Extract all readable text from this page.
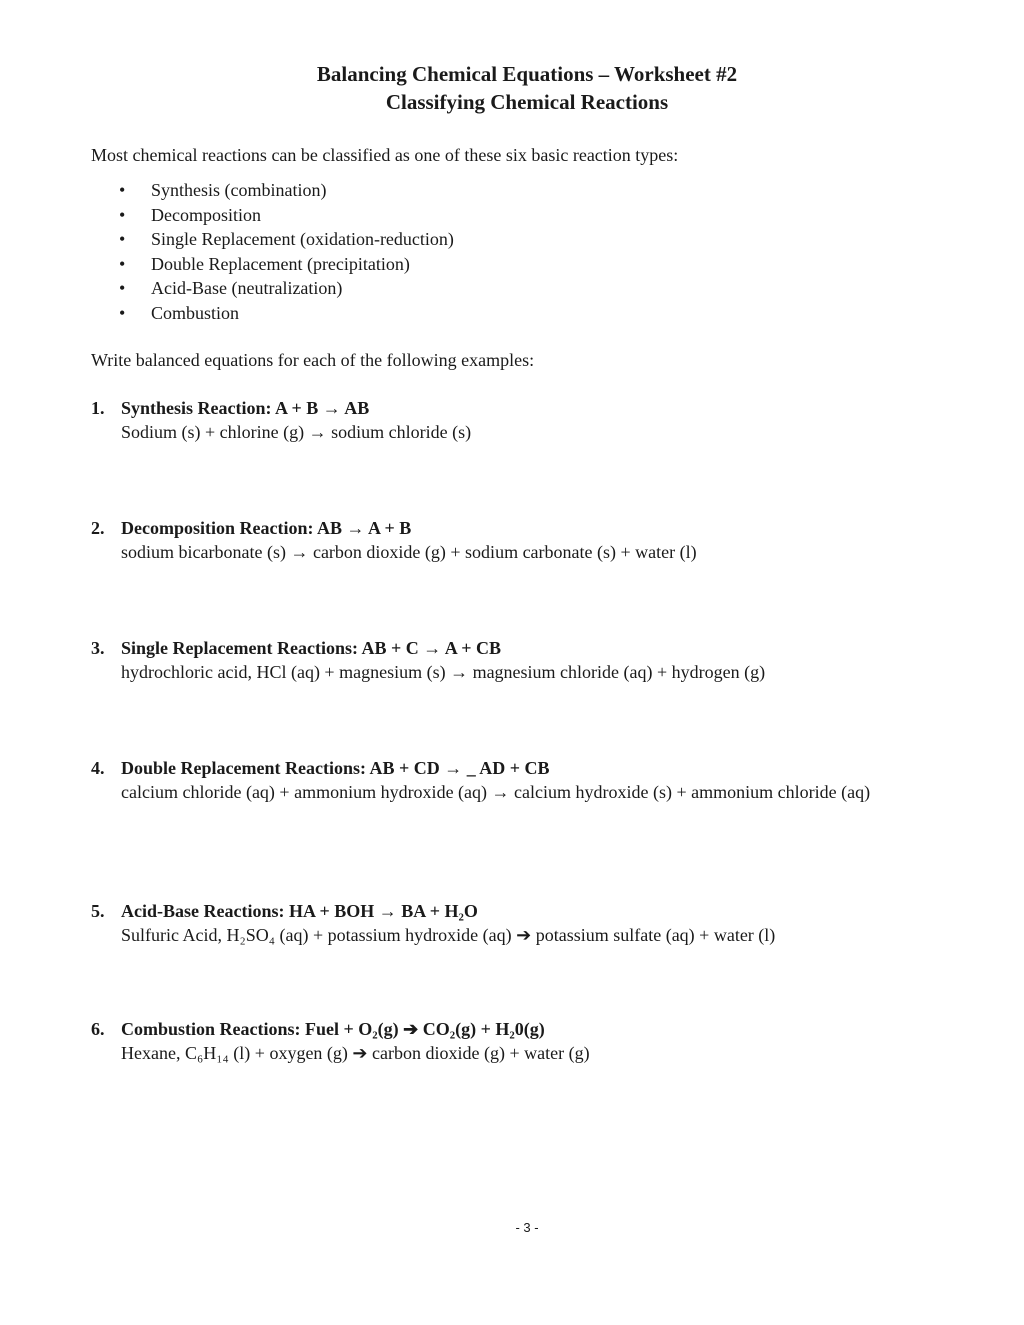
Balancing Chemical Equations – Worksheet #2
Classifying Chemical Reactions
Most chemical reactions can be classified as one of these six basic reaction types:
• Synthesis (combination)
• Decomposition
• Single Replacement (oxidation-reduction)
• Double Replacement (precipitation)
• Acid-Base (neutralization)
• Combustion
Write balanced equations for each of the following examples:
1. Synthesis Reaction: A + B → AB
Sodium (s) + chlorine (g) → sodium chloride (s)
2. Decomposition Reaction: AB → A + B
sodium bicarbonate (s) → carbon dioxide (g) + sodium carbonate (s) + water (l)
3. Single Replacement Reactions: AB + C → A + CB
hydrochloric acid, HCl (aq) + magnesium (s) → magnesium chloride (aq) + hydrogen (g)
4. Double Replacement Reactions: AB + CD → _ AD + CB
calcium chloride (aq) + ammonium hydroxide (aq) → calcium hydroxide (s) + ammonium chloride (aq)
5. Acid-Base Reactions: HA + BOH → BA + H₂O
Sulfuric Acid, H₂SO₄ (aq) + potassium hydroxide (aq) ➔ potassium sulfate (aq) + water (l)
6. Combustion Reactions: Fuel + O₂(g) ➔ CO₂(g) + H₂0(g)
Hexane, C₆H₁₄ (l) + oxygen (g) ➔ carbon dioxide (g) + water (g)
- 3 -
